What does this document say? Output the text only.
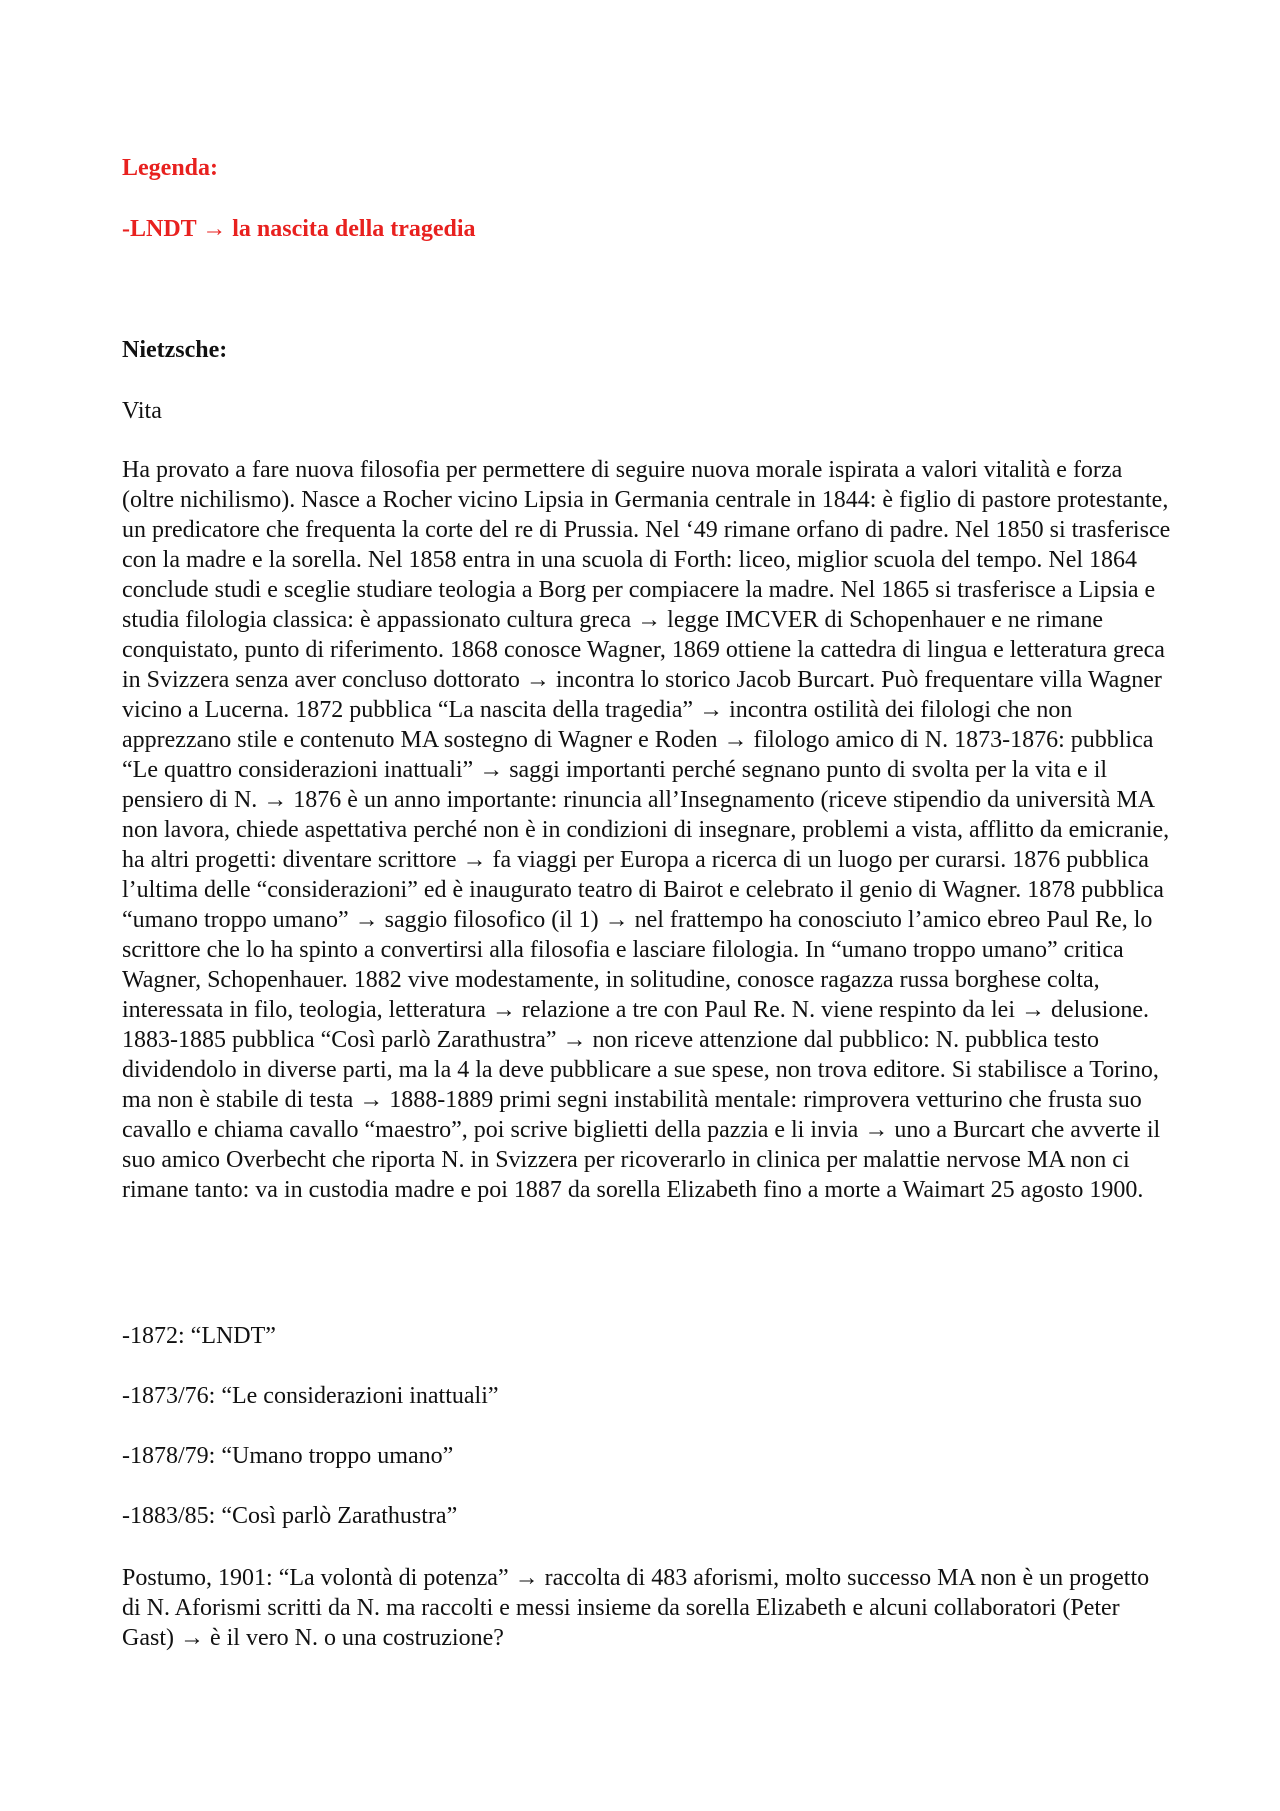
Legenda:

-LNDT → la nascita della tragedia

Nietzsche:

Vita

Ha provato a fare nuova filosofia per permettere di seguire nuova morale ispirata a valori vitalità e forza (oltre nichilismo). Nasce a Rocher vicino Lipsia in Germania centrale in 1844: è figlio di pastore protestante, un predicatore che frequenta la corte del re di Prussia. Nel ‘49 rimane orfano di padre. Nel 1850 si trasferisce con la madre e la sorella. Nel 1858 entra in una scuola di Forth: liceo, miglior scuola del tempo. Nel 1864 conclude studi e sceglie studiare teologia a Borg per compiacere la madre. Nel 1865 si trasferisce a Lipsia e studia filologia classica: è appassionato cultura greca → legge IMCVER di Schopenhauer e ne rimane conquistato, punto di riferimento. 1868 conosce Wagner, 1869 ottiene la cattedra di lingua e letteratura greca in Svizzera senza aver concluso dottorato → incontra lo storico Jacob Burcart. Può frequentare villa Wagner vicino a Lucerna. 1872 pubblica “La nascita della tragedia” → incontra ostilità dei filologi che non apprezzano stile e contenuto MA sostegno di Wagner e Roden → filologo amico di N. 1873-1876: pubblica “Le quattro considerazioni inattuali” → saggi importanti perché segnano punto di svolta per la vita e il pensiero di N. → 1876 è un anno importante: rinuncia all’Insegnamento (riceve stipendio da università MA non lavora, chiede aspettativa perché non è in condizioni di insegnare, problemi a vista, afflitto da emicranie, ha altri progetti: diventare scrittore → fa viaggi per Europa a ricerca di un luogo per curarsi. 1876 pubblica l’ultima delle “considerazioni” ed è inaugurato teatro di Bairot e celebrato il genio di Wagner. 1878 pubblica “umano troppo umano” → saggio filosofico (il 1) → nel frattempo ha conosciuto l’amico ebreo Paul Re, lo scrittore che lo ha spinto a convertirsi alla filosofia e lasciare filologia. In “umano troppo umano” critica Wagner, Schopenhauer. 1882 vive modestamente, in solitudine, conosce ragazza russa borghese colta, interessata in filo, teologia, letteratura → relazione a tre con Paul Re. N. viene respinto da lei → delusione. 1883-1885 pubblica “Così parlò Zarathustra” → non riceve attenzione dal pubblico: N. pubblica testo dividendolo in diverse parti, ma la 4 la deve pubblicare a sue spese, non trova editore. Si stabilisce a Torino, ma non è stabile di testa → 1888-1889 primi segni instabilità mentale: rimprovera vetturino che frusta suo cavallo e chiama cavallo “maestro”, poi scrive biglietti della pazzia e li invia → uno a Burcart che avverte il suo amico Overbecht che riporta N. in Svizzera per ricoverarlo in clinica per malattie nervose MA non ci rimane tanto: va in custodia madre e poi 1887 da sorella Elizabeth fino a morte a Waimart 25 agosto 1900.

-1872: “LNDT”
-1873/76: “Le considerazioni inattuali”
-1878/79: “Umano troppo umano”
-1883/85: “Così parlò Zarathustra”

Postumo, 1901: “La volontà di potenza” → raccolta di 483 aforismi, molto successo MA non è un progetto di N. Aforismi scritti da N. ma raccolti e messi insieme da sorella Elizabeth e alcuni collaboratori (Peter Gast) → è il vero N. o una costruzione?
